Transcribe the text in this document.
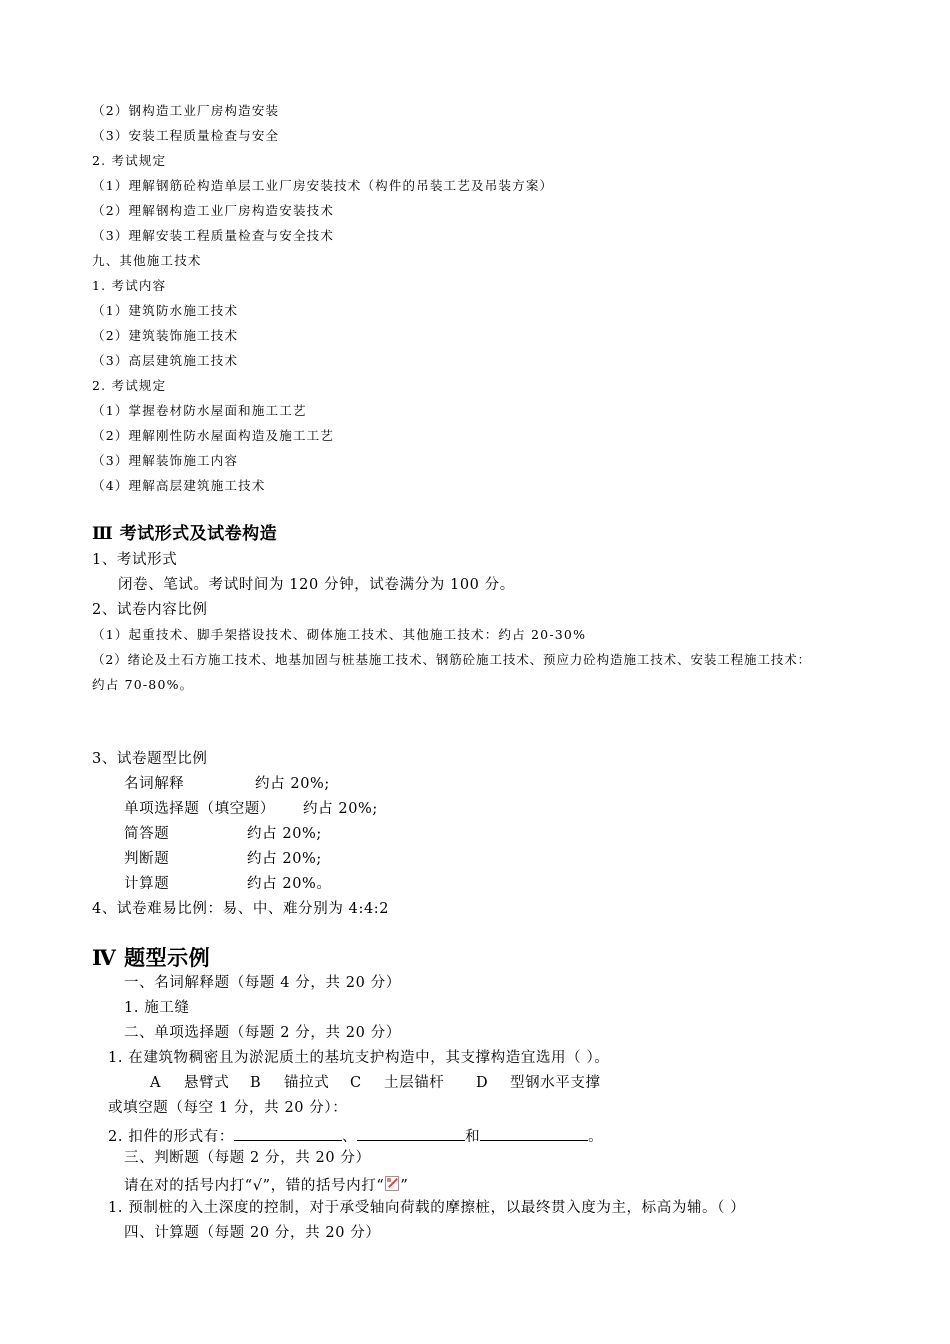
（2）钢构造工业厂房构造安装
（3）安装工程质量检查与安全
2. 考试规定
（1）理解钢筋砼构造单层工业厂房安装技术（构件的吊装工艺及吊装方案）
（2）理解钢构造工业厂房构造安装技术
（3）理解安装工程质量检查与安全技术
九、其他施工技术
1. 考试内容
（1）建筑防水施工技术
（2）建筑装饰施工技术
（3）高层建筑施工技术
2. 考试规定
（1）掌握卷材防水屋面和施工工艺
（2）理解刚性防水屋面构造及施工工艺
（3）理解装饰施工内容
（4）理解高层建筑施工技术
Ⅲ 考试形式及试卷构造
1、考试形式
闭卷、笔试。考试时间为 120 分钟，试卷满分为 100 分。
2、试卷内容比例
（1）起重技术、脚手架搭设技术、砌体施工技术、其他施工技术：约占 20-30%
（2）绪论及土石方施工技术、地基加固与桩基施工技术、钢筋砼施工技术、预应力砼构造施工技术、安装工程施工技术：
约占 70-80%。
3、试卷题型比例
名词解释	约占 20%;
单项选择题（填空题） 约占 20%;
简答题	约占 20%;
判断题	约占 20%;
计算题	约占 20%。
4、试卷难易比例：易、中、难分别为 4:4:2
Ⅳ 题型示例
一、名词解释题（每题 4 分，共 20 分）
1. 施工缝
二、单项选择题（每题 2 分，共 20 分）
1. 在建筑物稠密且为淤泥质土的基坑支护构造中，其支撑构造宜选用（ ）。
A 悬臂式 B 锚拉式 C 土层锚杆 D 型钢水平支撑
或填空题（每空 1 分，共 20 分）：
2. 扣件的形式有：	、	和	。
三、判断题（每题 2 分，共 20 分）
请在对的括号内打“√”，错的括号内打“ ”
1. 预制桩的入土深度的控制，对于承受轴向荷载的摩擦桩，以最终贯入度为主，标高为辅。（ ）
四、计算题（每题 20 分，共 20 分）
